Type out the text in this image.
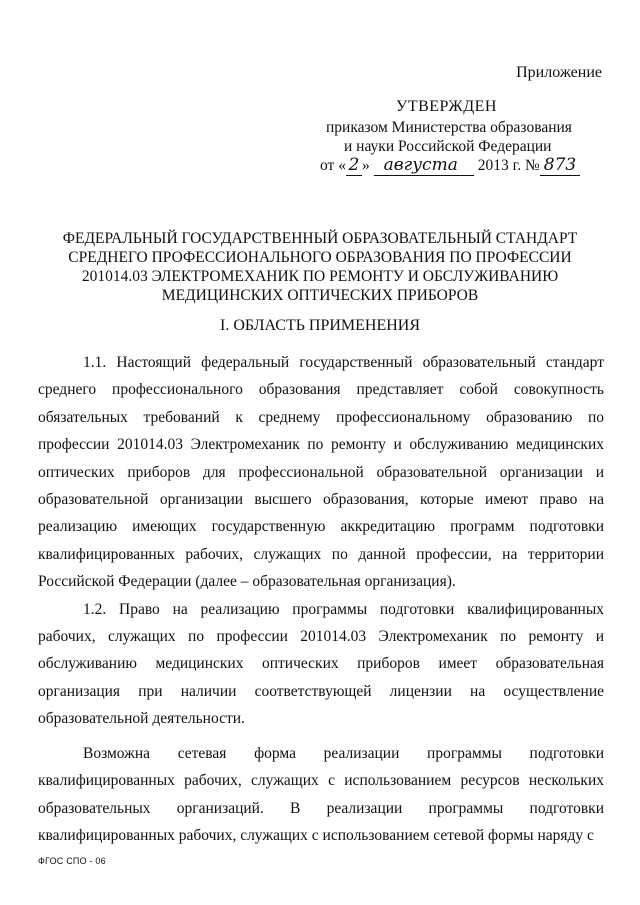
Приложение
УТВЕРЖДЕН
приказом Министерства образования
и науки Российской Федерации
от « 2 » августа 2013 г. № 873
ФЕДЕРАЛЬНЫЙ ГОСУДАРСТВЕННЫЙ ОБРАЗОВАТЕЛЬНЫЙ СТАНДАРТ
СРЕДНЕГО ПРОФЕССИОНАЛЬНОГО ОБРАЗОВАНИЯ ПО ПРОФЕССИИ
201014.03 ЭЛЕКТРОМЕХАНИК ПО РЕМОНТУ И ОБСЛУЖИВАНИЮ
МЕДИЦИНСКИХ ОПТИЧЕСКИХ ПРИБОРОВ
I. ОБЛАСТЬ ПРИМЕНЕНИЯ

1.1. Настоящий федеральный государственный образовательный стандарт среднего профессионального образования представляет собой совокупность обязательных требований к среднему профессиональному образованию по профессии 201014.03 Электромеханик по ремонту и обслуживанию медицинских оптических приборов для профессиональной образовательной организации и образовательной организации высшего образования, которые имеют право на реализацию имеющих государственную аккредитацию программ подготовки квалифицированных рабочих, служащих по данной профессии, на территории Российской Федерации (далее – образовательная организация).

1.2. Право на реализацию программы подготовки квалифицированных рабочих, служащих по профессии 201014.03 Электромеханик по ремонту и обслуживанию медицинских оптических приборов имеет образовательная организация при наличии соответствующей лицензии на осуществление образовательной деятельности.

Возможна сетевая форма реализации программы подготовки квалифицированных рабочих, служащих с использованием ресурсов нескольких образовательных организаций. В реализации программы подготовки квалифицированных рабочих, служащих с использованием сетевой формы наряду с

ФГОС СПО - 06
